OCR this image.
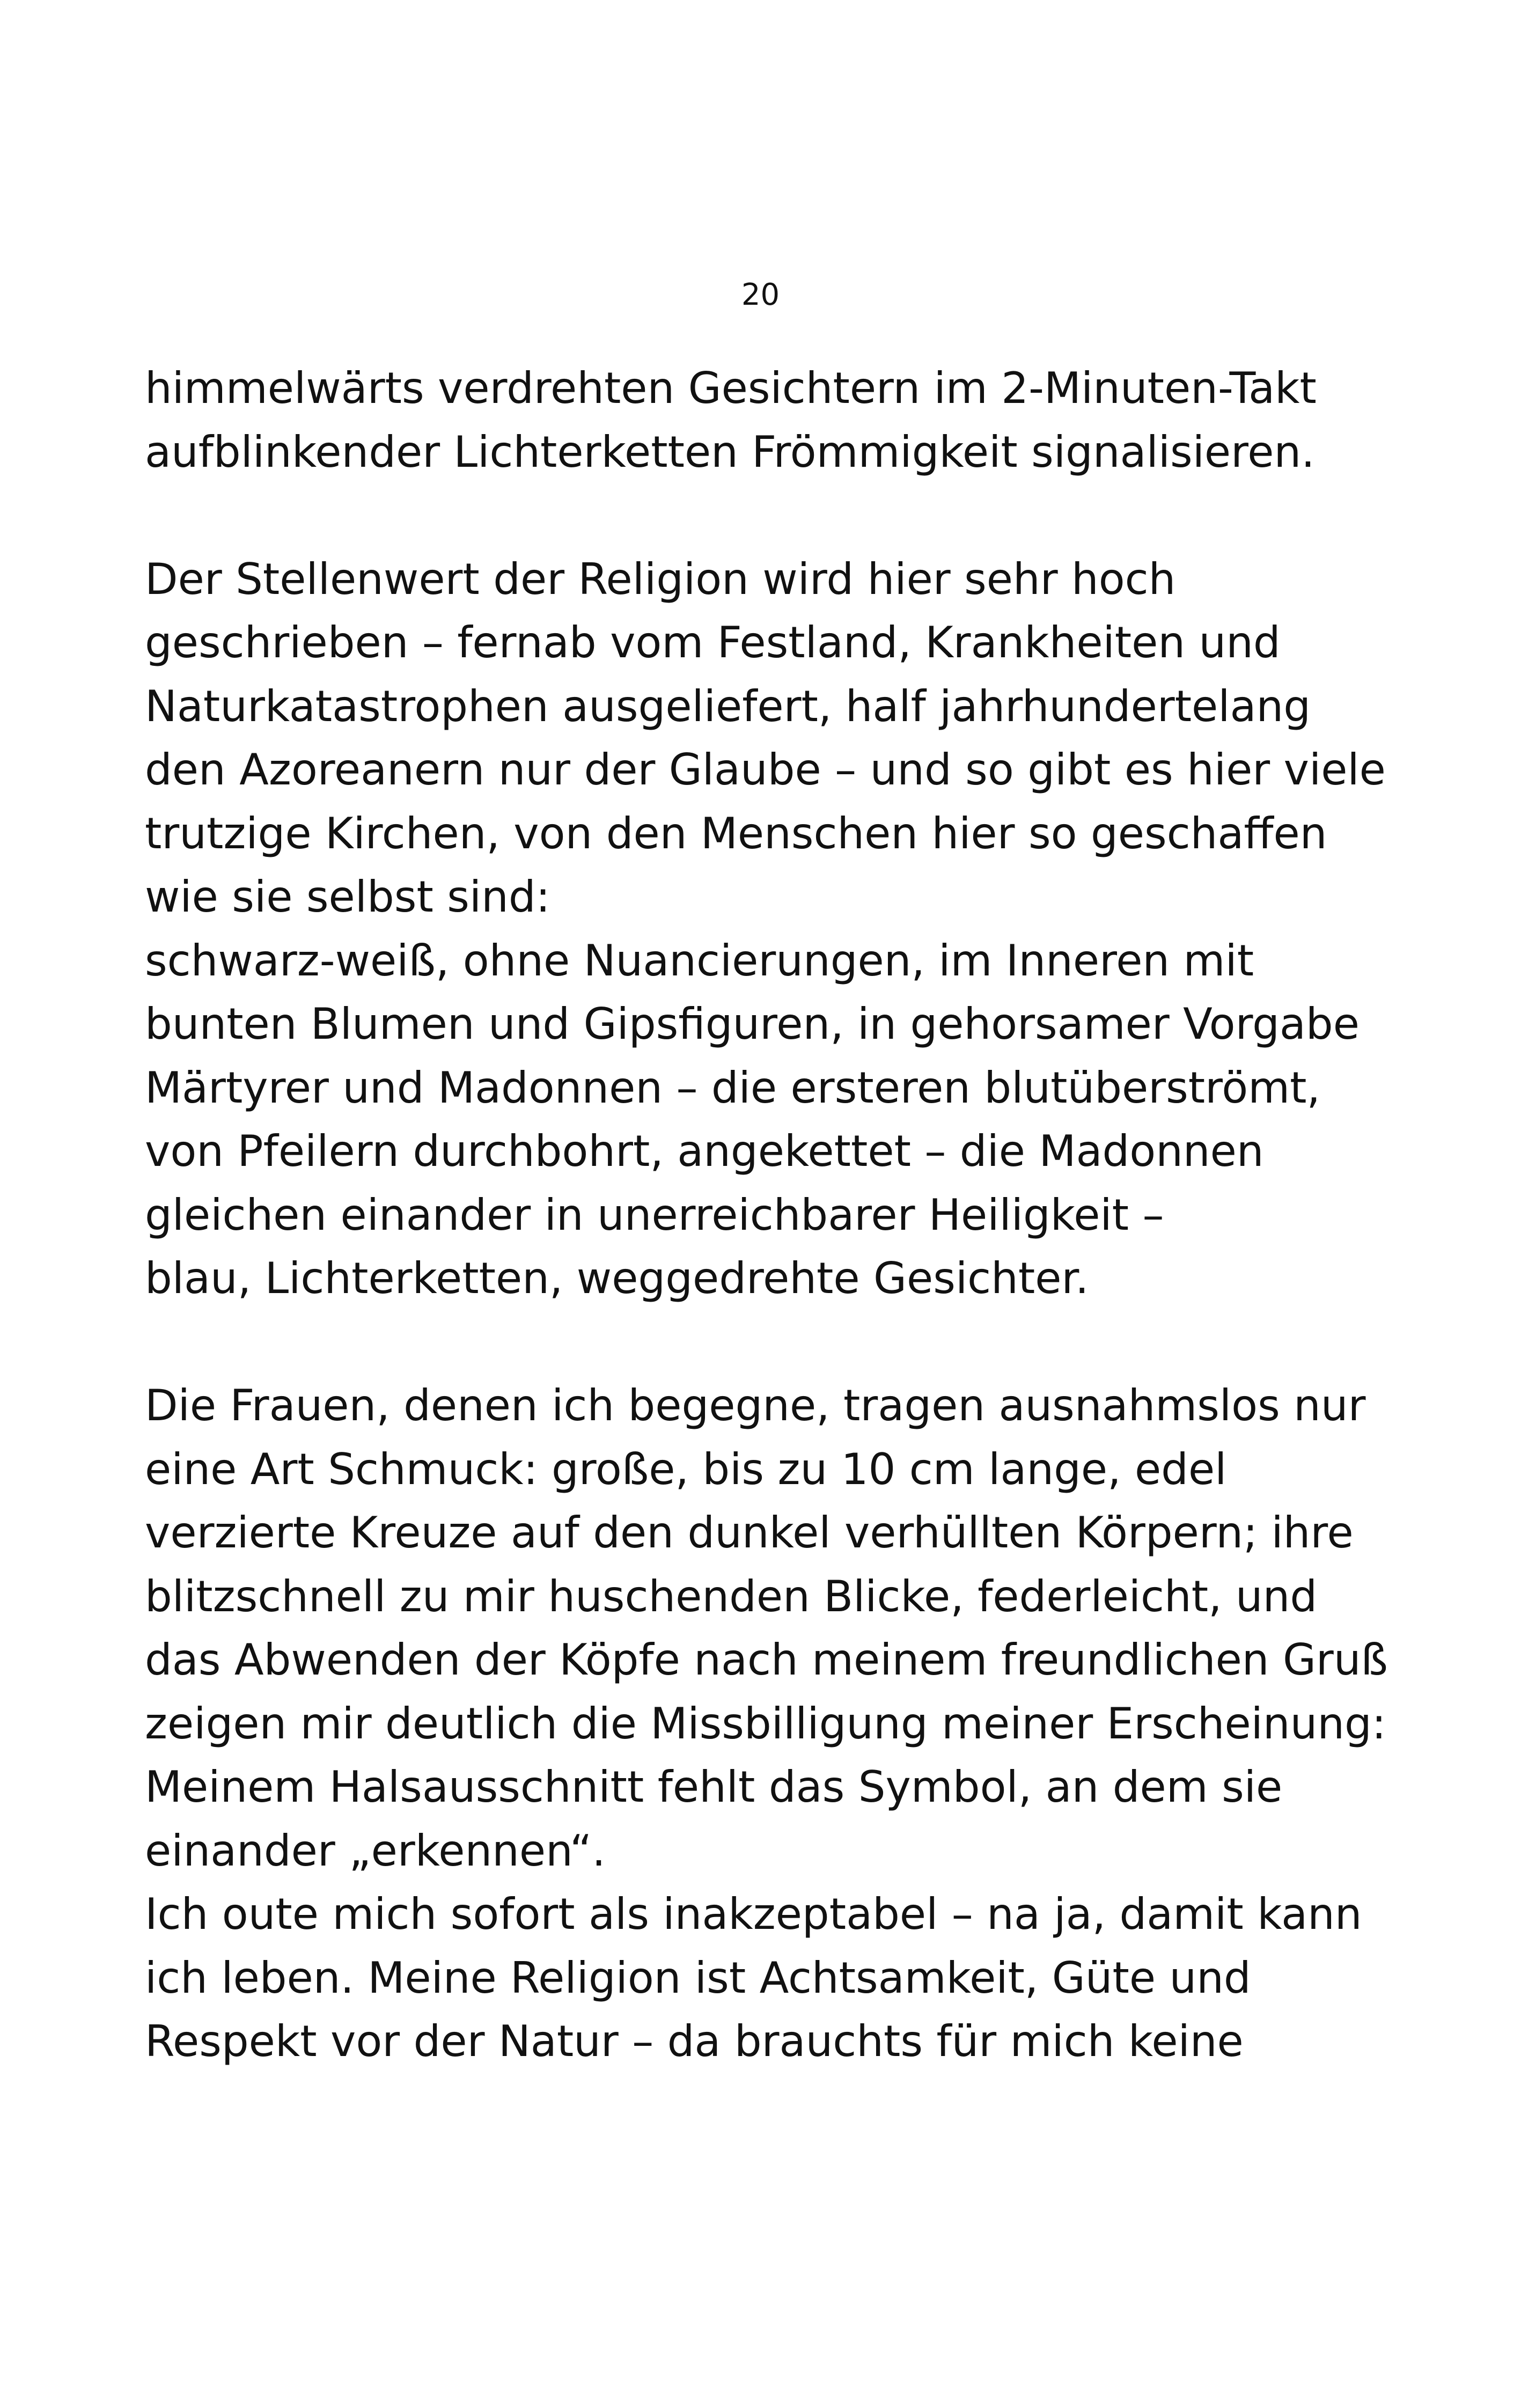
20
himmelwärts verdrehten Gesichtern im 2-Minuten-Takt
aufblinkender Lichterketten Frömmigkeit signalisieren.
Der Stellenwert der Religion wird hier sehr hoch
geschrieben – fernab vom Festland, Krankheiten und
Naturkatastrophen ausgeliefert, half jahrhundertelang
den Azoreanern nur der Glaube – und so gibt es hier viele
trutzige Kirchen, von den Menschen hier so geschaffen
wie sie selbst sind:
schwarz-weiß, ohne Nuancierungen, im Inneren mit
bunten Blumen und Gipsfiguren, in gehorsamer Vorgabe
Märtyrer und Madonnen – die ersteren blutüberströmt,
von Pfeilern durchbohrt, angekettet – die Madonnen
gleichen einander in unerreichbarer Heiligkeit –
blau, Lichterketten, weggedrehte Gesichter.
Die Frauen, denen ich begegne, tragen ausnahmslos nur
eine Art Schmuck: große, bis zu 10 cm lange, edel
verzierte Kreuze auf den dunkel verhüllten Körpern; ihre
blitzschnell zu mir huschenden Blicke, federleicht, und
das Abwenden der Köpfe nach meinem freundlichen Gruß
zeigen mir deutlich die Missbilligung meiner Erscheinung:
Meinem Halsausschnitt fehlt das Symbol, an dem sie
einander „erkennen“.
Ich oute mich sofort als inakzeptabel – na ja, damit kann
ich leben. Meine Religion ist Achtsamkeit, Güte und
Respekt vor der Natur – da brauchts für mich keine
